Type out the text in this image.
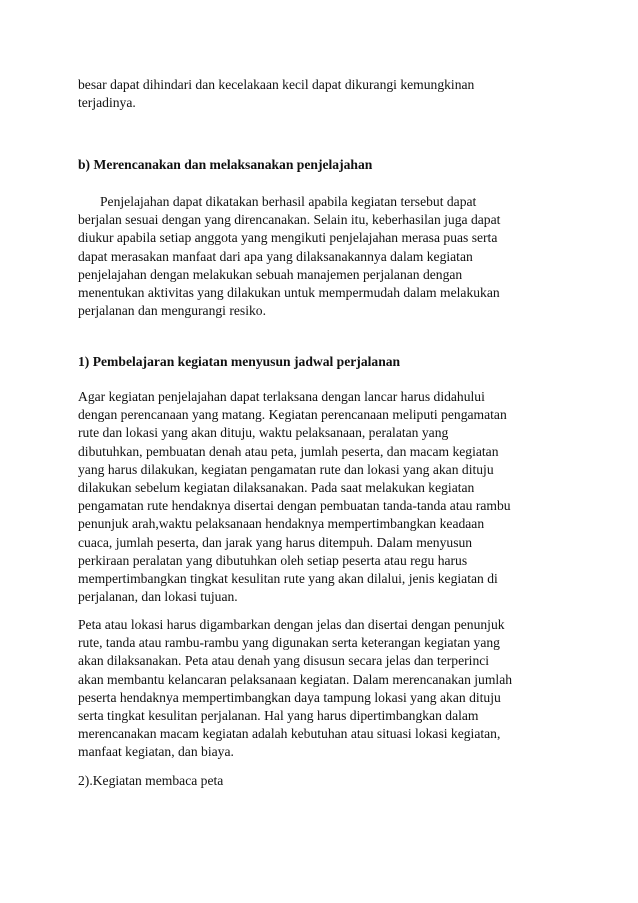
besar dapat dihindari dan kecelakaan kecil dapat dikurangi kemungkinan
terjadinya.

b) Merencanakan dan melaksanakan penjelajahan

Penjelajahan dapat dikatakan berhasil apabila kegiatan tersebut dapat
berjalan sesuai dengan yang direncanakan. Selain itu, keberhasilan juga dapat
diukur apabila setiap anggota yang mengikuti penjelajahan merasa puas serta
dapat merasakan manfaat dari apa yang dilaksanakannya dalam kegiatan
penjelajahan dengan melakukan sebuah manajemen perjalanan dengan
menentukan aktivitas yang dilakukan untuk mempermudah dalam melakukan
perjalanan dan mengurangi resiko.

1) Pembelajaran kegiatan menyusun jadwal perjalanan

Agar kegiatan penjelajahan dapat terlaksana dengan lancar harus didahului
dengan perencanaan yang matang. Kegiatan perencanaan meliputi pengamatan
rute dan lokasi yang akan dituju, waktu pelaksanaan, peralatan yang
dibutuhkan, pembuatan denah atau peta, jumlah peserta, dan macam kegiatan
yang harus dilakukan, kegiatan pengamatan rute dan lokasi yang akan dituju
dilakukan sebelum kegiatan dilaksanakan. Pada saat melakukan kegiatan
pengamatan rute hendaknya disertai dengan pembuatan tanda-tanda atau rambu
penunjuk arah,waktu pelaksanaan hendaknya mempertimbangkan keadaan
cuaca, jumlah peserta, dan jarak yang harus ditempuh. Dalam menyusun
perkiraan peralatan yang dibutuhkan oleh setiap peserta atau regu harus
mempertimbangkan tingkat kesulitan rute yang akan dilalui, jenis kegiatan di
perjalanan, dan lokasi tujuan.

Peta atau lokasi harus digambarkan dengan jelas dan disertai dengan penunjuk
rute, tanda atau rambu-rambu yang digunakan serta keterangan kegiatan yang
akan dilaksanakan. Peta atau denah yang disusun secara jelas dan terperinci
akan membantu kelancaran pelaksanaan kegiatan. Dalam merencanakan jumlah
peserta hendaknya mempertimbangkan daya tampung lokasi yang akan dituju
serta tingkat kesulitan perjalanan. Hal yang harus dipertimbangkan dalam
merencanakan macam kegiatan adalah kebutuhan atau situasi lokasi kegiatan,
manfaat kegiatan, dan biaya.

2).Kegiatan membaca peta
